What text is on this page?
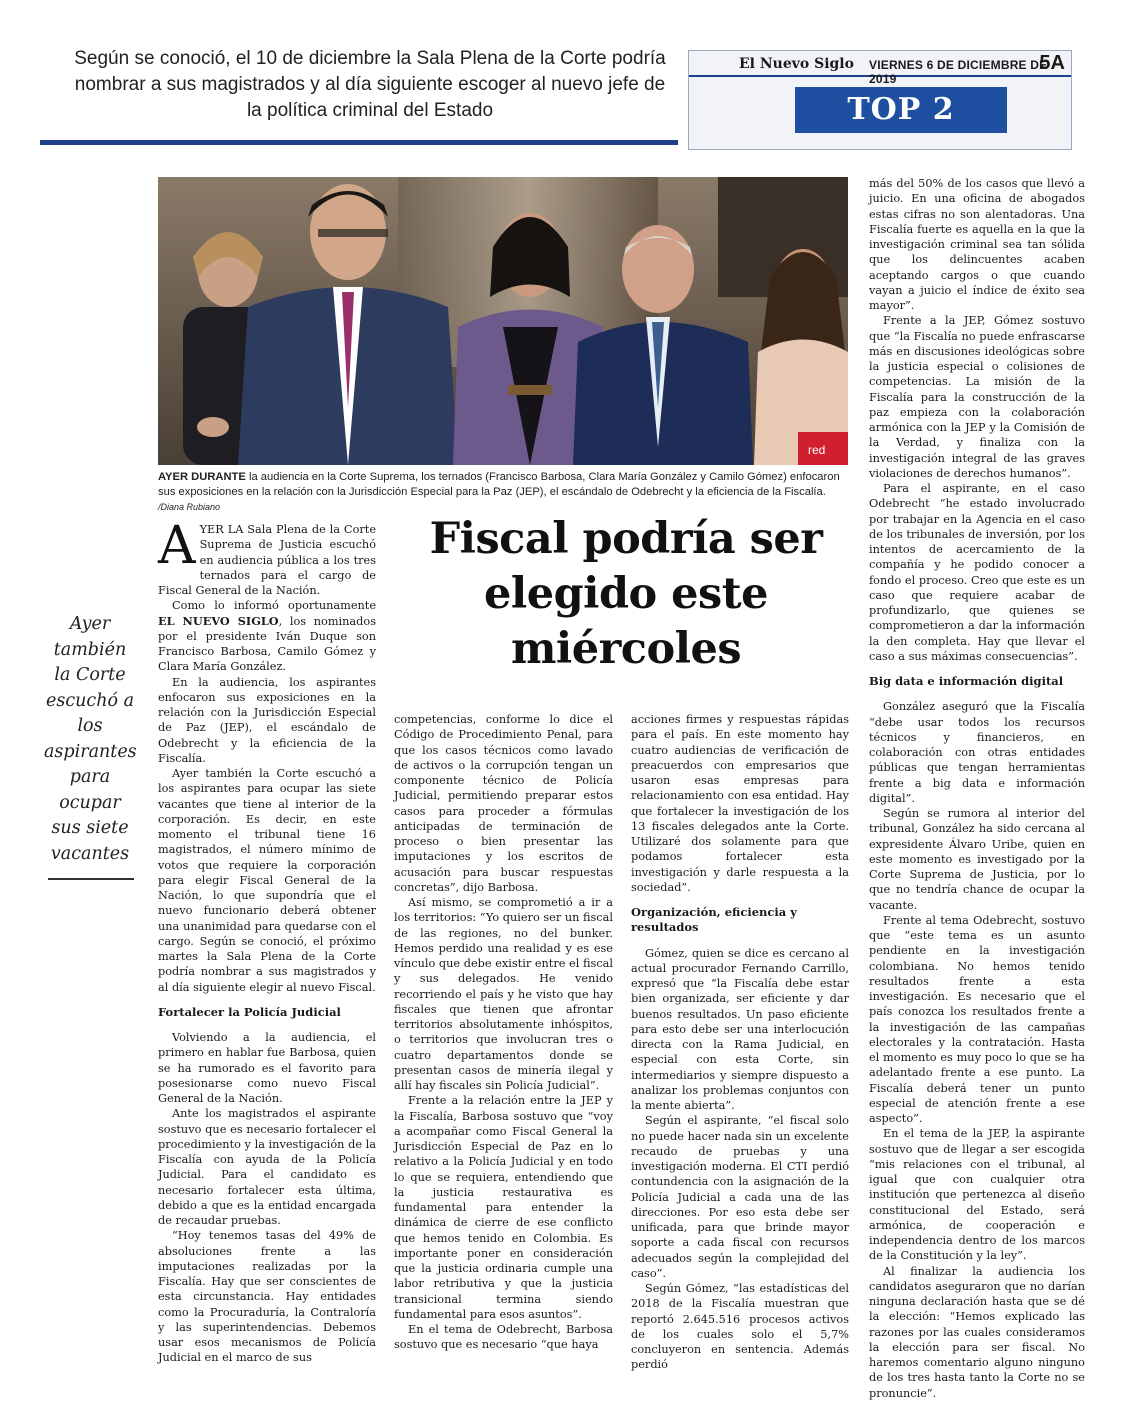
Según se conoció, el 10 de diciembre la Sala Plena de la Corte podría nombrar a sus magistrados y al día siguiente escoger al nuevo jefe de la política criminal del Estado
El Nuevo Siglo VIERNES 6 DE DICIEMBRE DE 2019
5A
TOP 2
red
AYER DURANTE la audiencia en la Corte Suprema, los ternados (Francisco Barbosa, Clara María González y Camilo Gómez) enfocaron sus exposiciones en la relación con la Jurisdicción Especial para la Paz (JEP), el escándalo de Odebrecht y la eficiencia de la Fiscalía. /Diana Rubiano
Ayer también la Corte escuchó a los aspirantes para ocupar sus siete vacantes
Fiscal podría ser elegido este miércoles

AYER LA Sala Plena de la Corte Suprema de Justicia escuchó en audiencia pública a los tres ternados para el cargo de Fiscal General de la Nación.

Como lo informó oportunamente EL NUEVO SIGLO, los nominados por el presidente Iván Duque son Francisco Barbosa, Camilo Gómez y Clara María González.

En la audiencia, los aspirantes enfocaron sus exposiciones en la relación con la Jurisdicción Especial de Paz (JEP), el escándalo de Odebrecht y la eficiencia de la Fiscalía.

Ayer también la Corte escuchó a los aspirantes para ocupar las siete vacantes que tiene al interior de la corporación. Es decir, en este momento el tribunal tiene 16 magistrados, el número mínimo de votos que requiere la corporación para elegir Fiscal General de la Nación, lo que supondría que el nuevo funcionario deberá obtener una unanimidad para quedarse con el cargo. Según se conoció, el próximo martes la Sala Plena de la Corte podría nombrar a sus magistrados y al día siguiente elegir al nuevo Fiscal.

Fortalecer la Policía Judicial

Volviendo a la audiencia, el primero en hablar fue Barbosa, quien se ha rumorado es el favorito para posesionarse como nuevo Fiscal General de la Nación.

Ante los magistrados el aspirante sostuvo que es necesario fortalecer el procedimiento y la investigación de la Fiscalía con ayuda de la Policía Judicial. Para el candidato es necesario fortalecer esta última, debido a que es la entidad encargada de recaudar pruebas.

“Hoy tenemos tasas del 49% de absoluciones frente a las imputaciones realizadas por la Fiscalía. Hay que ser conscientes de esta circunstancia. Hay entidades como la Procuraduría, la Contraloría y las superintendencias. Debemos usar esos mecanismos de Policía Judicial en el marco de sus

competencias, conforme lo dice el Código de Procedimiento Penal, para que los casos técnicos como lavado de activos o la corrupción tengan un componente técnico de Policía Judicial, permitiendo preparar estos casos para proceder a fórmulas anticipadas de terminación de proceso o bien presentar las imputaciones y los escritos de acusación para buscar respuestas concretas”, dijo Barbosa.

Así mismo, se comprometió a ir a los territorios: “Yo quiero ser un fiscal de las regiones, no del bunker. Hemos perdido una realidad y es ese vínculo que debe existir entre el fiscal y sus delegados. He venido recorriendo el país y he visto que hay fiscales que tienen que afrontar territorios absolutamente inhóspitos, o territorios que involucran tres o cuatro departamentos donde se presentan casos de minería ilegal y allí hay fiscales sin Policía Judicial”.

Frente a la relación entre la JEP y la Fiscalía, Barbosa sostuvo que “voy a acompañar como Fiscal General la Jurisdicción Especial de Paz en lo relativo a la Policía Judicial y en todo lo que se requiera, entendiendo que la justicia restaurativa es fundamental para entender la dinámica de cierre de ese conflicto que hemos tenido en Colombia. Es importante poner en consideración que la justicia ordinaria cumple una labor retributiva y que la justicia transicional termina siendo fundamental para esos asuntos”.

En el tema de Odebrecht, Barbosa sostuvo que es necesario “que haya

acciones firmes y respuestas rápidas para el país. En este momento hay cuatro audiencias de verificación de preacuerdos con empresarios que usaron esas empresas para relacionamiento con esa entidad. Hay que fortalecer la investigación de los 13 fiscales delegados ante la Corte. Utilizaré dos solamente para que podamos fortalecer esta investigación y darle respuesta a la sociedad”.

Organización, eficiencia y resultados

Gómez, quien se dice es cercano al actual procurador Fernando Carrillo, expresó que “la Fiscalía debe estar bien organizada, ser eficiente y dar buenos resultados. Un paso eficiente para esto debe ser una interlocución directa con la Rama Judicial, en especial con esta Corte, sin intermediarios y siempre dispuesto a analizar los problemas conjuntos con la mente abierta”.

Según el aspirante, “el fiscal solo no puede hacer nada sin un excelente recaudo de pruebas y una investigación moderna. El CTI perdió contundencia con la asignación de la Policía Judicial a cada una de las direcciones. Por eso esta debe ser unificada, para que brinde mayor soporte a cada fiscal con recursos adecuados según la complejidad del caso”.

Según Gómez, “las estadísticas del 2018 de la Fiscalía muestran que reportó 2.645.516 procesos activos de los cuales solo el 5,7% concluyeron en sentencia. Además perdió

más del 50% de los casos que llevó a juicio. En una oficina de abogados estas cifras no son alentadoras. Una Fiscalía fuerte es aquella en la que la investigación criminal sea tan sólida que los delincuentes acaben aceptando cargos o que cuando vayan a juicio el índice de éxito sea mayor”.

Frente a la JEP, Gómez sostuvo que “la Fiscalía no puede enfrascarse más en discusiones ideológicas sobre la justicia especial o colisiones de competencias. La misión de la Fiscalía para la construcción de la paz empieza con la colaboración armónica con la JEP y la Comisión de la Verdad, y finaliza con la investigación integral de las graves violaciones de derechos humanos”.

Para el aspirante, en el caso Odebrecht “he estado involucrado por trabajar en la Agencia en el caso de los tribunales de inversión, por los intentos de acercamiento de la compañía y he podido conocer a fondo el proceso. Creo que este es un caso que requiere acabar de profundizarlo, que quienes se comprometieron a dar la información la den completa. Hay que llevar el caso a sus máximas consecuencias”.

Big data e información digital

González aseguró que la Fiscalía “debe usar todos los recursos técnicos y financieros, en colaboración con otras entidades públicas que tengan herramientas frente a big data e información digital”.

Según se rumora al interior del tribunal, González ha sido cercana al expresidente Álvaro Uribe, quien en este momento es investigado por la Corte Suprema de Justicia, por lo que no tendría chance de ocupar la vacante.

Frente al tema Odebrecht, sostuvo que “este tema es un asunto pendiente en la investigación colombiana. No hemos tenido resultados frente a esta investigación. Es necesario que el país conozca los resultados frente a la investigación de las campañas electorales y la contratación. Hasta el momento es muy poco lo que se ha adelantado frente a ese punto. La Fiscalía deberá tener un punto especial de atención frente a ese aspecto”.

En el tema de la JEP, la aspirante sostuvo que de llegar a ser escogida “mis relaciones con el tribunal, al igual que con cualquier otra institución que pertenezca al diseño constitucional del Estado, será armónica, de cooperación e independencia dentro de los marcos de la Constitución y la ley”.

Al finalizar la audiencia los candidatos aseguraron que no darían ninguna declaración hasta que se dé la elección: “Hemos explicado las razones por las cuales consideramos la elección para ser fiscal. No haremos comentario alguno ninguno de los tres hasta tanto la Corte no se pronuncie”.
